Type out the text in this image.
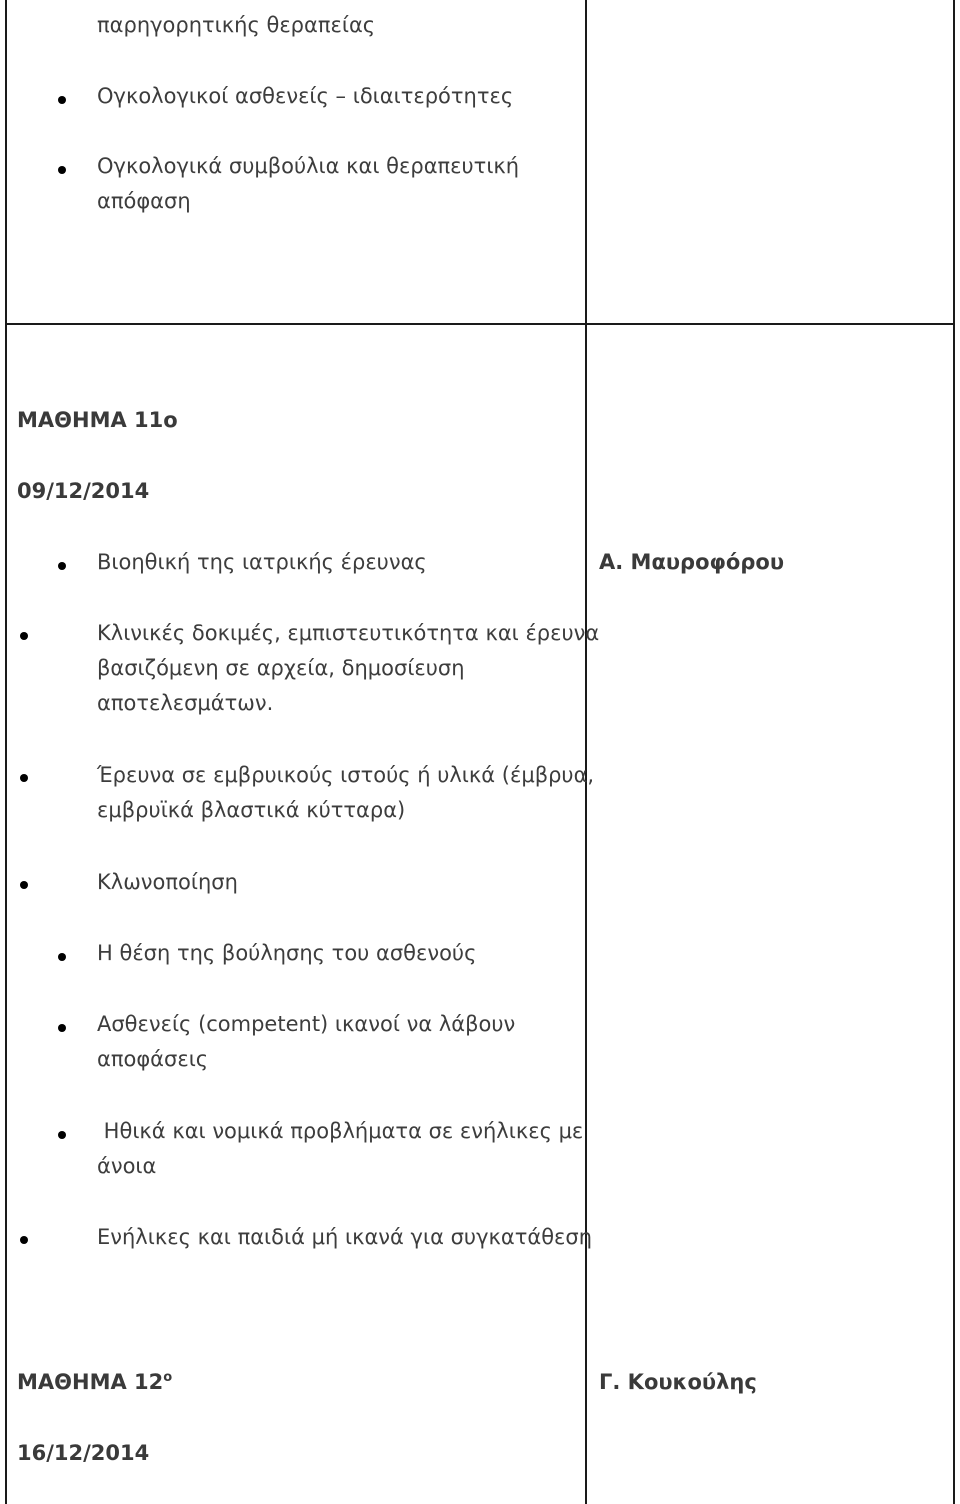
παρηγορητικής θεραπείας
Ογκολογικοί ασθενείς – ιδιαιτερότητες
Ογκολογικά συμβούλια και θεραπευτική
απόφαση
ΜΑΘΗΜΑ 11ο
09/12/2014
Α. Μαυροφόρου
Βιοηθική της ιατρικής έρευνας
Κλινικές δοκιμές, εμπιστευτικότητα και έρευνα
βασιζόμενη σε αρχεία, δημοσίευση
αποτελεσμάτων.
Έρευνα σε εμβρυικούς ιστούς ή υλικά (έμβρυα,
εμβρυϊκά βλαστικά κύτταρα)
Κλωνοποίηση
Η θέση της βούλησης του ασθενούς
Ασθενείς (competent) ικανοί να λάβουν
αποφάσεις
Ηθικά και νομικά προβλήματα σε ενήλικες με
άνοια
Ενήλικες και παιδιά μή ικανά για συγκατάθεση
ΜΑΘΗΜΑ $12^o$	Γ. Κουκούλης
16/12/2014
